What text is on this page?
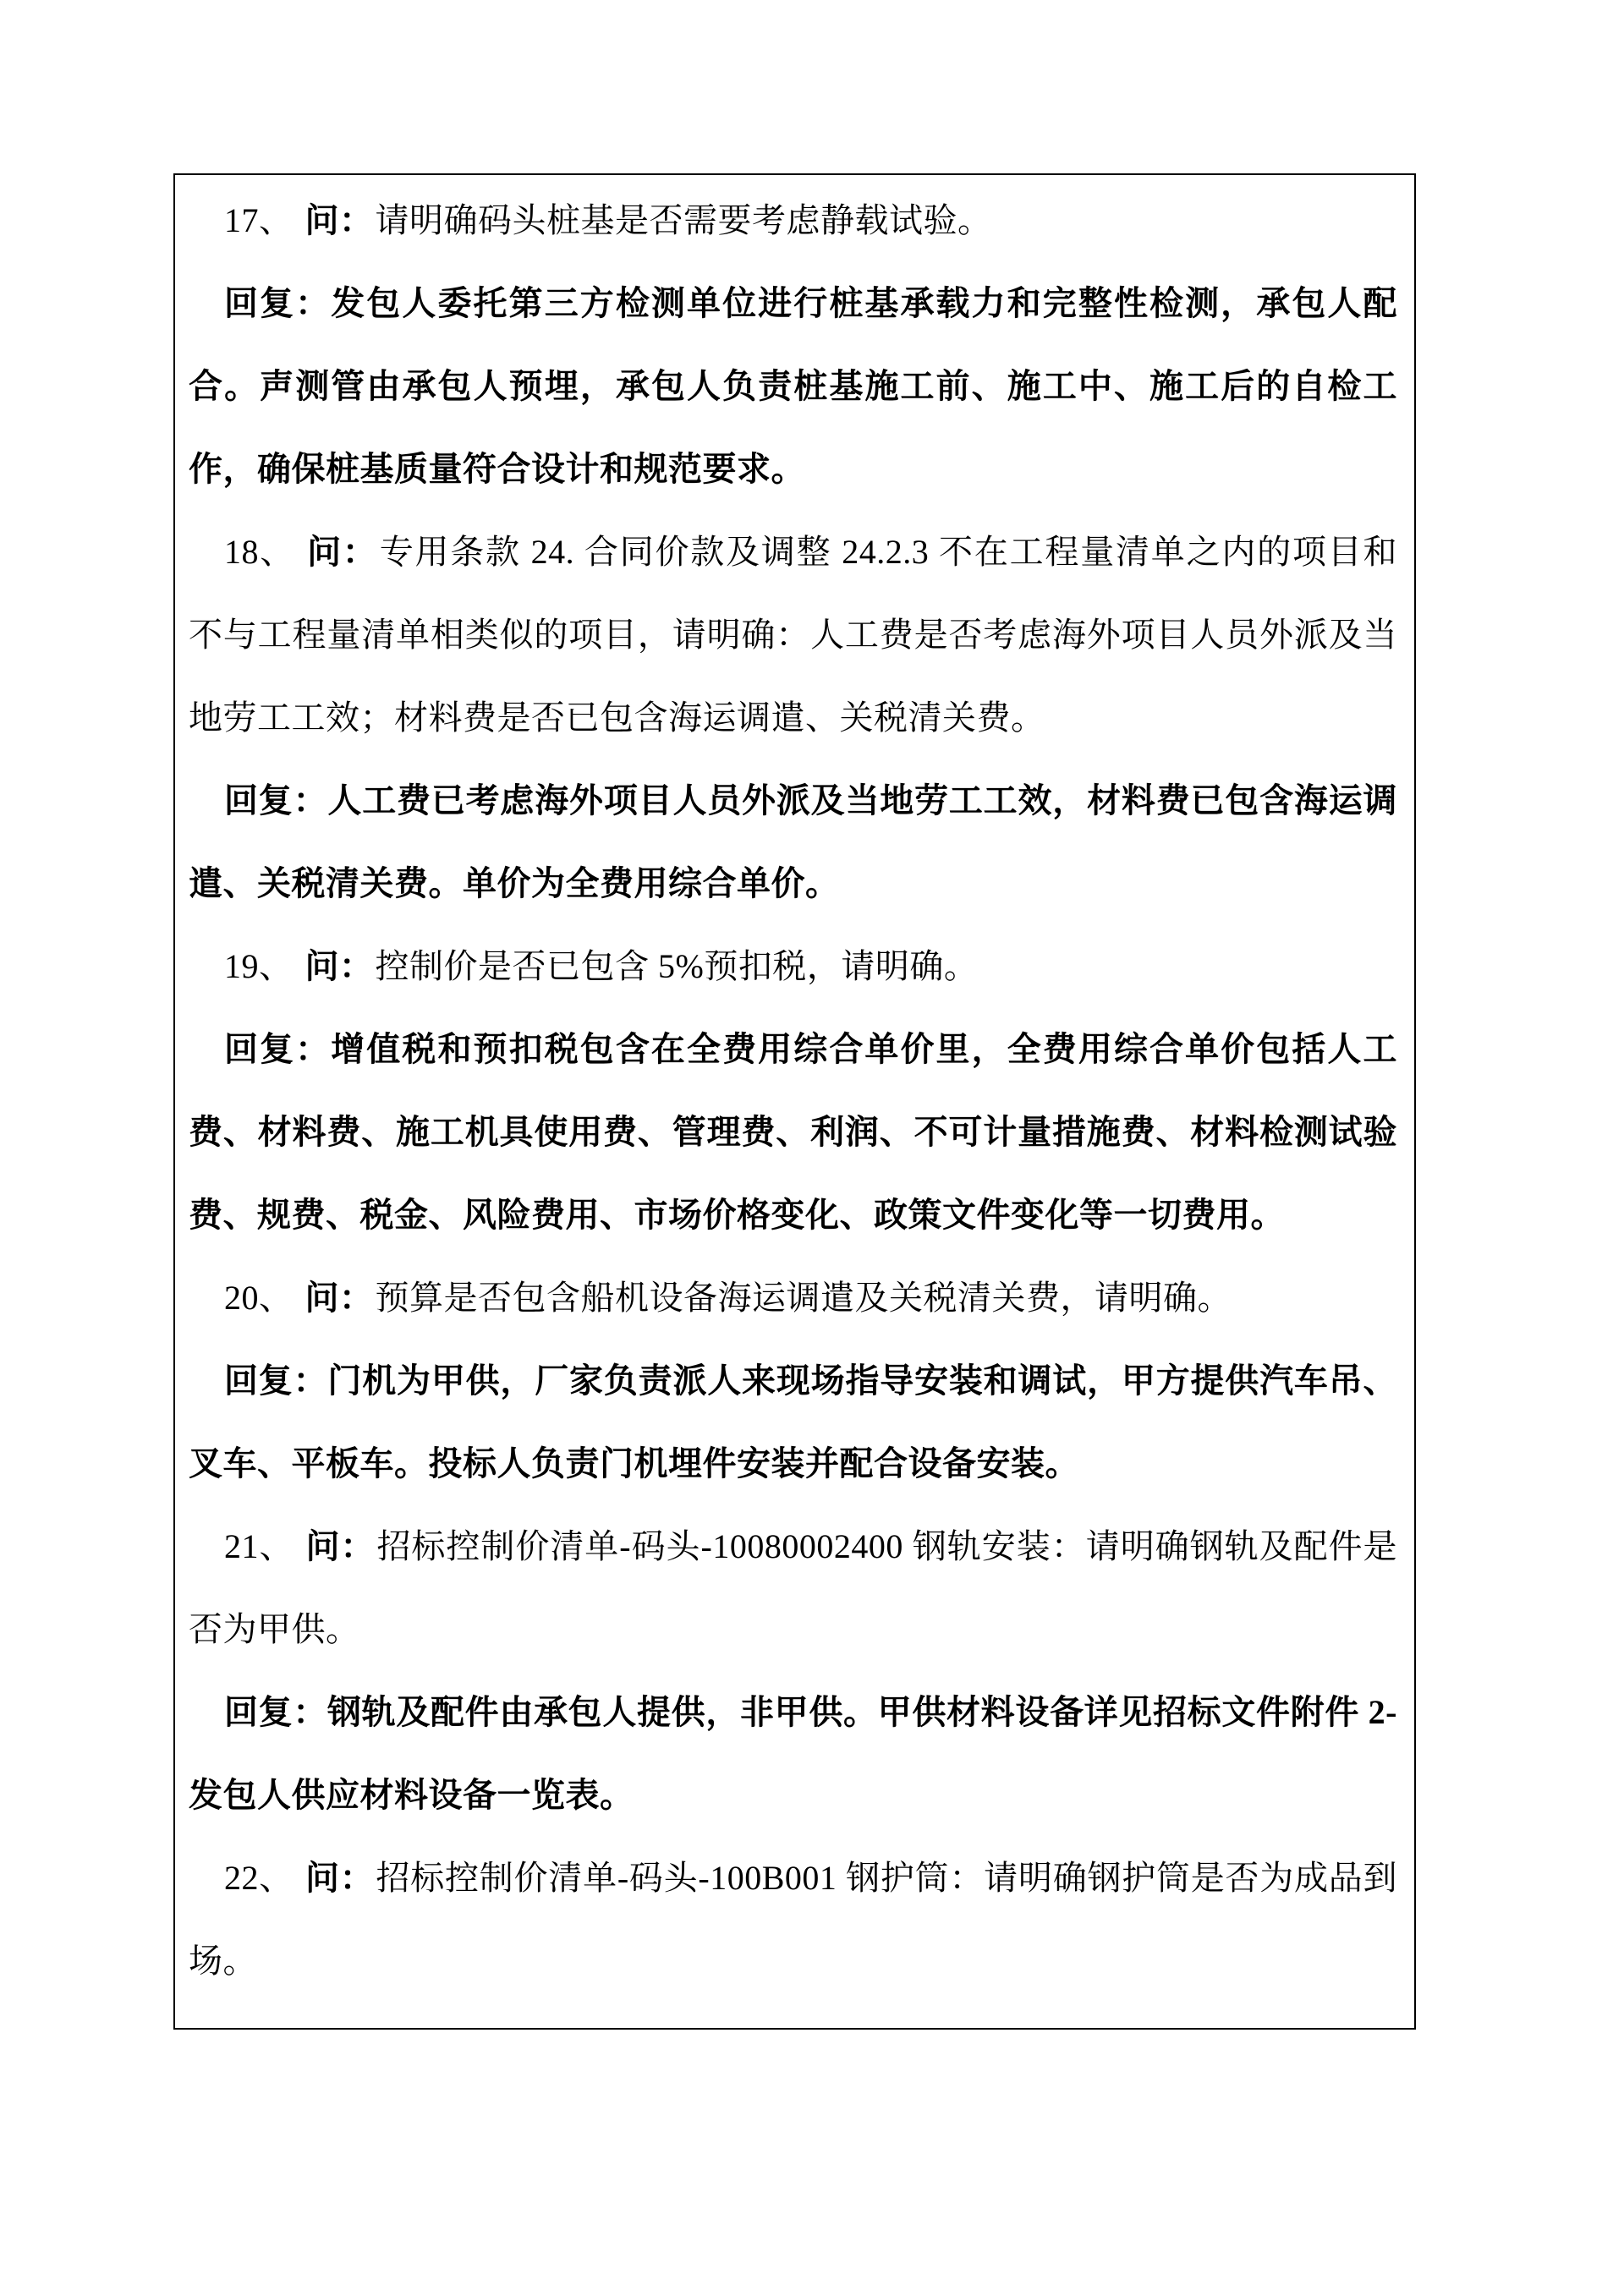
17、 问：请明确码头桩基是否需要考虑静载试验。

回复：发包人委托第三方检测单位进行桩基承载力和完整性检测，承包人配合。声测管由承包人预埋，承包人负责桩基施工前、施工中、施工后的自检工作，确保桩基质量符合设计和规范要求。

18、 问：专用条款 24. 合同价款及调整 24.2.3 不在工程量清单之内的项目和不与工程量清单相类似的项目，请明确：人工费是否考虑海外项目人员外派及当地劳工工效；材料费是否已包含海运调遣、关税清关费。

回复：人工费已考虑海外项目人员外派及当地劳工工效，材料费已包含海运调遣、关税清关费。单价为全费用综合单价。

19、 问：控制价是否已包含 5%预扣税，请明确。

回复：增值税和预扣税包含在全费用综合单价里，全费用综合单价包括人工费、材料费、施工机具使用费、管理费、利润、不可计量措施费、材料检测试验费、规费、税金、风险费用、市场价格变化、政策文件变化等一切费用。

20、 问：预算是否包含船机设备海运调遣及关税清关费，请明确。

回复：门机为甲供，厂家负责派人来现场指导安装和调试，甲方提供汽车吊、叉车、平板车。投标人负责门机埋件安装并配合设备安装。

21、 问：招标控制价清单-码头-10080002400 钢轨安装：请明确钢轨及配件是否为甲供。

回复：钢轨及配件由承包人提供，非甲供。甲供材料设备详见招标文件附件 2-发包人供应材料设备一览表。

22、 问：招标控制价清单-码头-100B001 钢护筒：请明确钢护筒是否为成品到场。
